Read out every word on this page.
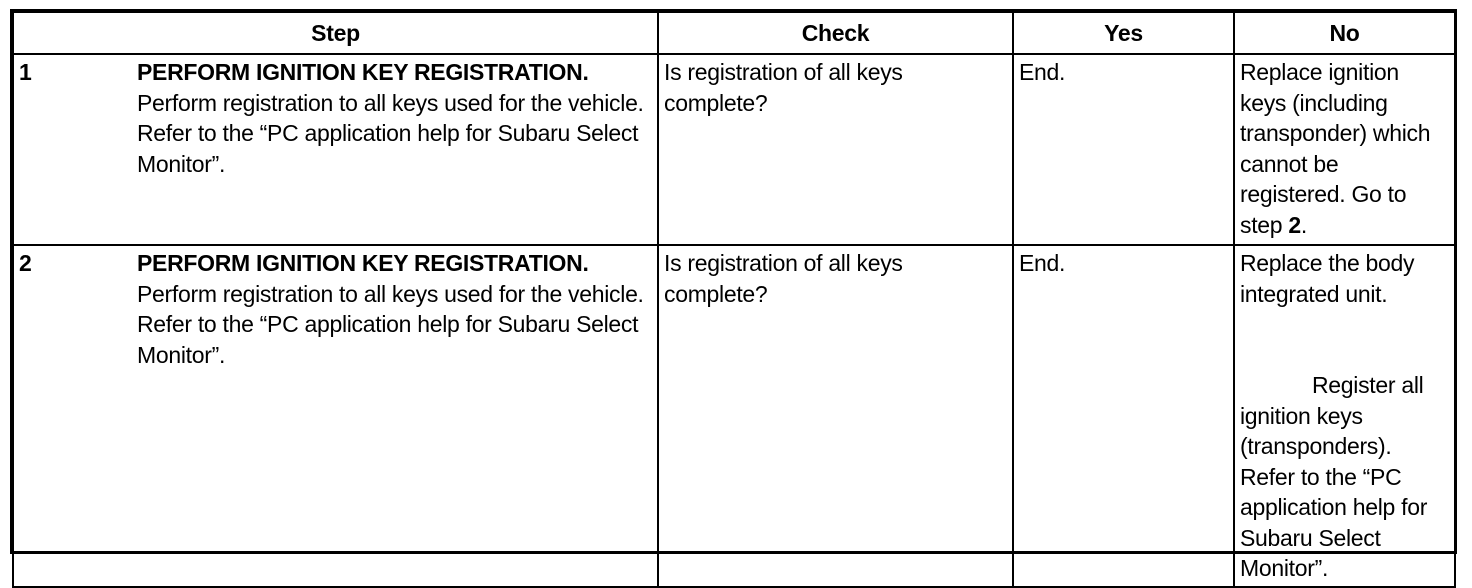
Step	Check	Yes	No

1 PERFORM IGNITION KEY REGISTRATION.
Perform registration to all keys used for the vehicle. Refer to the “PC application help for Subaru Select Monitor”.	Is registration of all keys complete?	End.	Replace ignition keys (including transponder) which cannot be registered. Go to step 2.

2 PERFORM IGNITION KEY REGISTRATION.
Perform registration to all keys used for the vehicle. Refer to the “PC application help for Subaru Select Monitor”.	Is registration of all keys complete?	End.	Replace the body integrated unit.
Register all ignition keys (transponders). Refer to the “PC application help for Subaru Select Monitor”.
